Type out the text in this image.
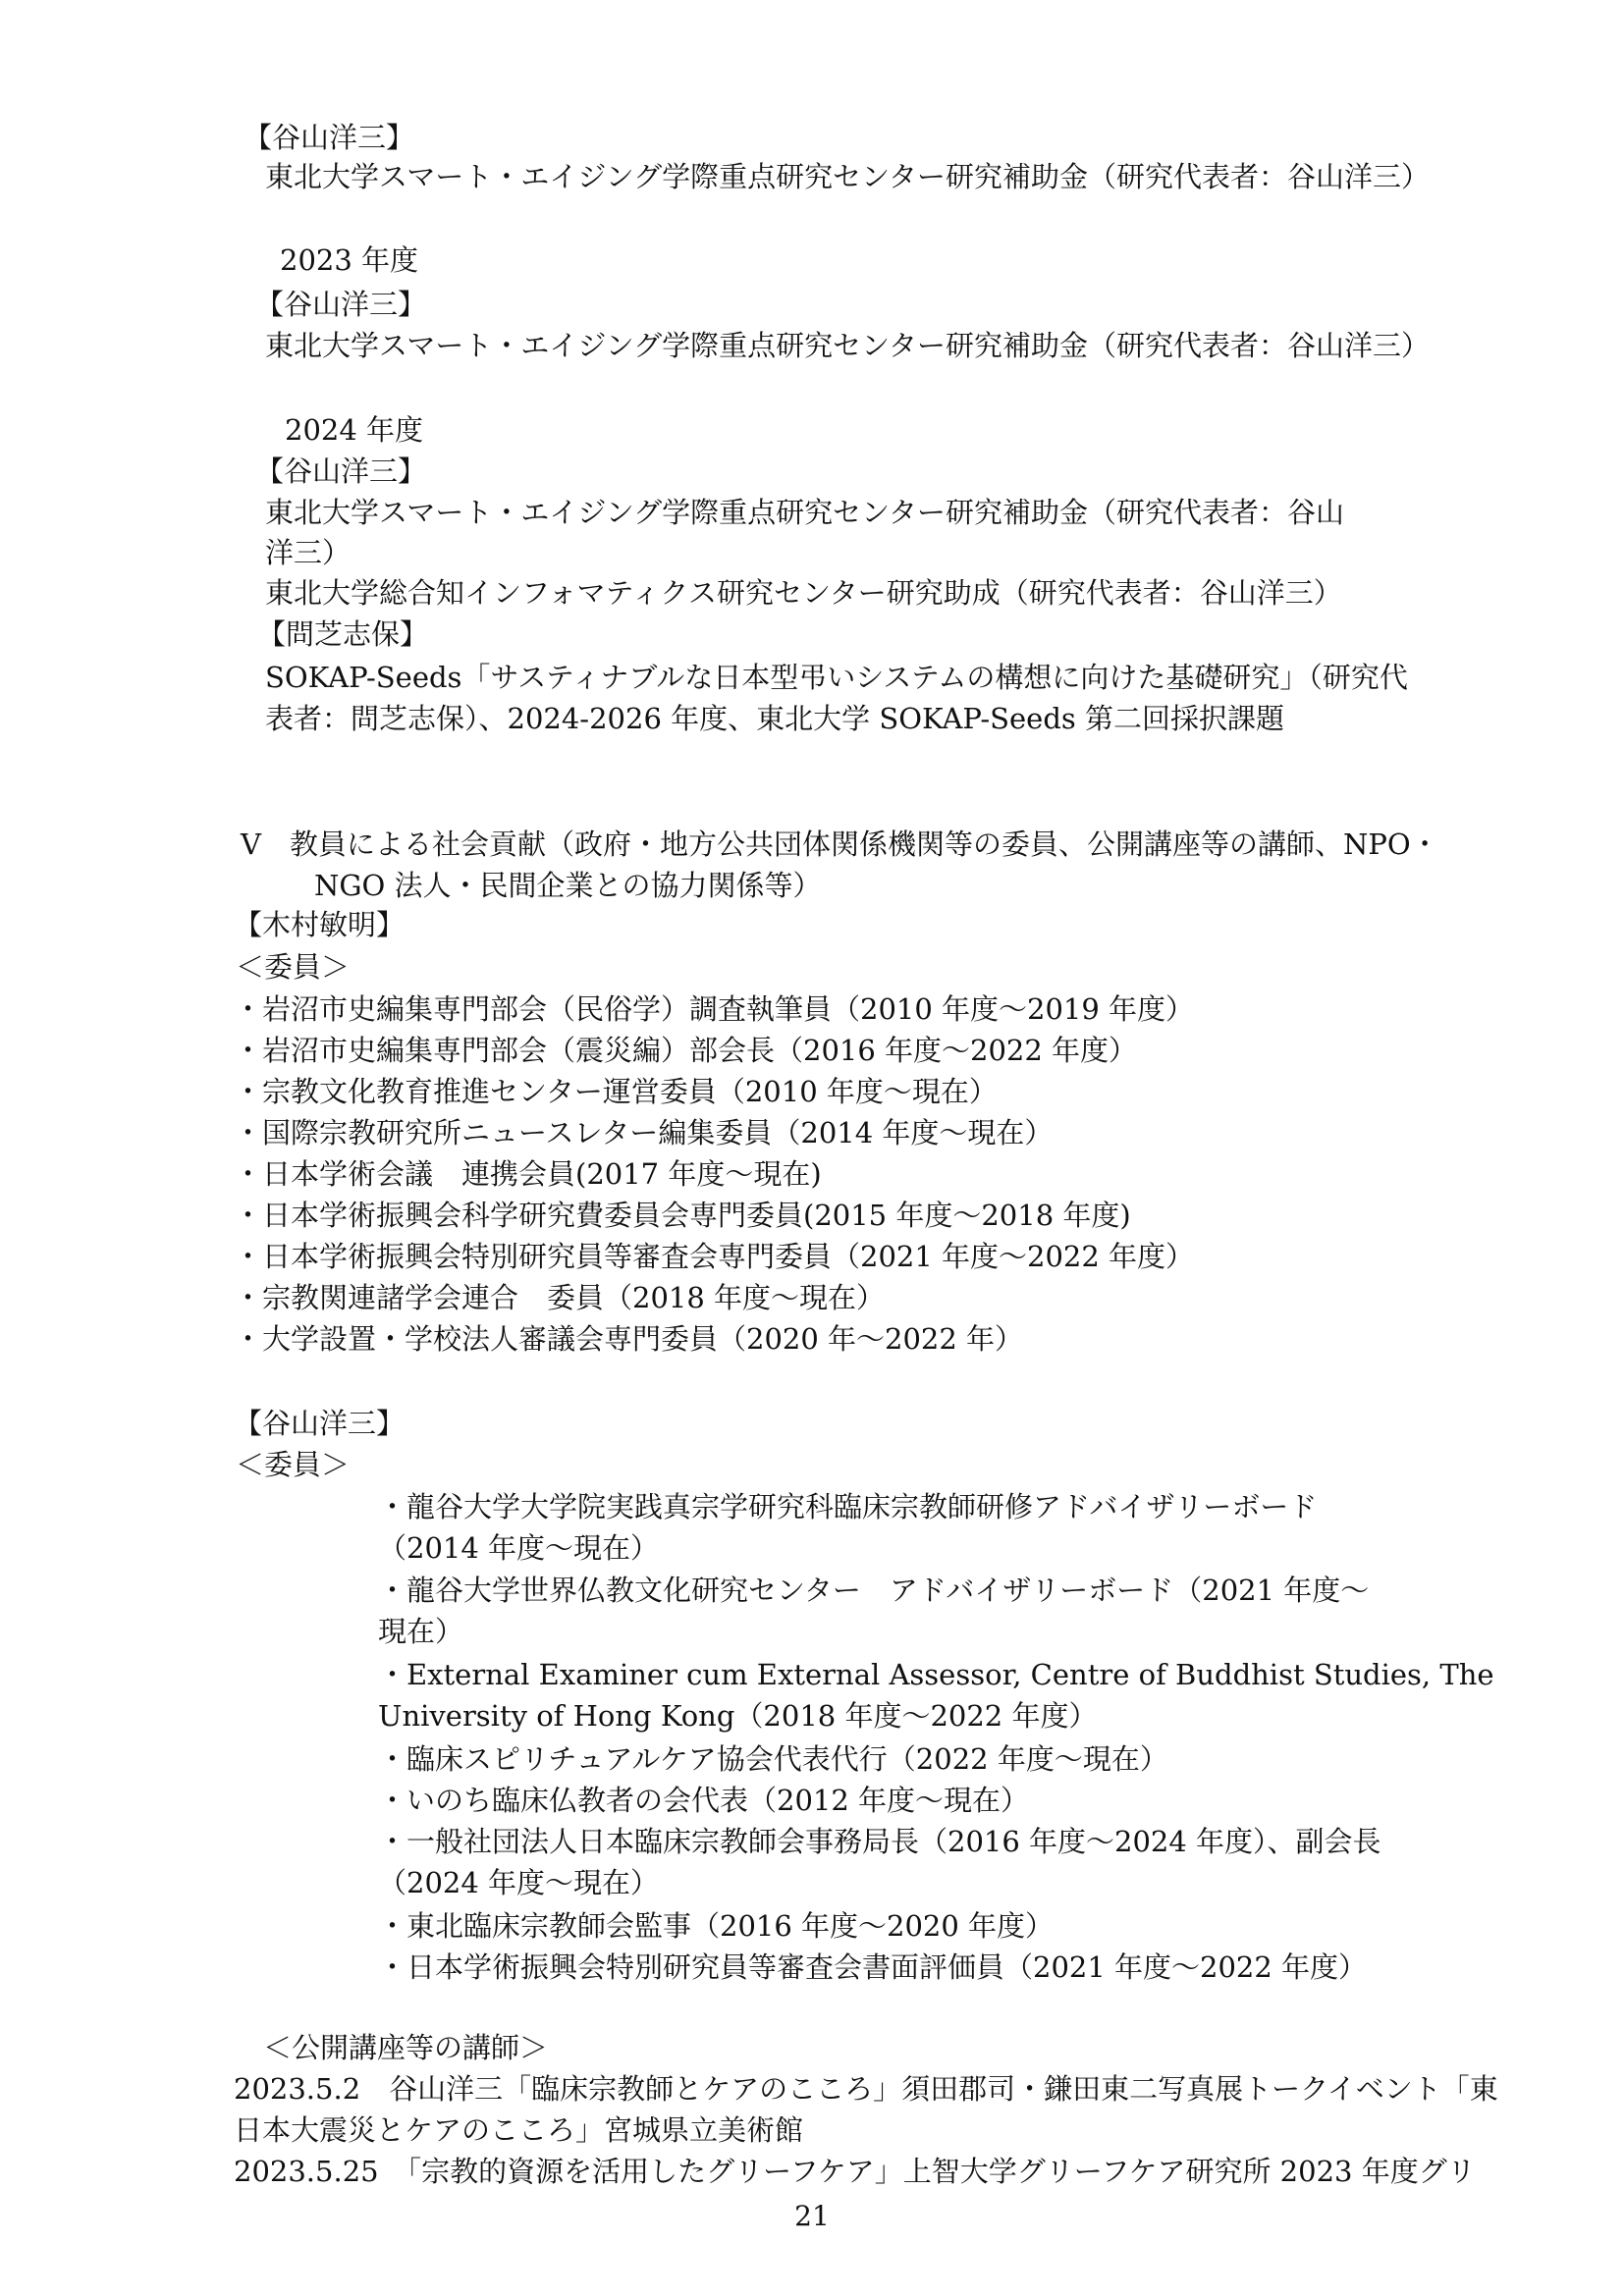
【谷山洋三】
東北大学スマート・エイジング学際重点研究センター研究補助金（研究代表者：谷山洋三）
2023 年度
【谷山洋三】
東北大学スマート・エイジング学際重点研究センター研究補助金（研究代表者：谷山洋三）
2024 年度
【谷山洋三】
東北大学スマート・エイジング学際重点研究センター研究補助金（研究代表者：谷山
洋三）
東北大学総合知インフォマティクス研究センター研究助成（研究代表者：谷山洋三）
【問芝志保】
SOKAP-Seeds「サスティナブルな日本型弔いシステムの構想に向けた基礎研究」（研究代
表者：問芝志保）、2024-2026 年度、東北大学 SOKAP-Seeds 第二回採択課題
V　教員による社会貢献（政府・地方公共団体関係機関等の委員、公開講座等の講師、NPO・
NGO 法人・民間企業との協力関係等）
【木村敏明】
＜委員＞
・岩沼市史編集専門部会（民俗学）調査執筆員（2010 年度～2019 年度）
・岩沼市史編集専門部会（震災編）部会長（2016 年度～2022 年度）
・宗教文化教育推進センター運営委員（2010 年度～現在）
・国際宗教研究所ニュースレター編集委員（2014 年度～現在）
・日本学術会議　連携会員(2017 年度～現在)
・日本学術振興会科学研究費委員会専門委員(2015 年度～2018 年度)
・日本学術振興会特別研究員等審査会専門委員（2021 年度～2022 年度）
・宗教関連諸学会連合　委員（2018 年度～現在）
・大学設置・学校法人審議会専門委員（2020 年～2022 年）
【谷山洋三】
＜委員＞
・龍谷大学大学院実践真宗学研究科臨床宗教師研修アドバイザリーボード
（2014 年度～現在）
・龍谷大学世界仏教文化研究センター　アドバイザリーボード（2021 年度～
現在）
・External Examiner cum External Assessor, Centre of Buddhist Studies, The
University of Hong Kong（2018 年度～2022 年度）
・臨床スピリチュアルケア協会代表代行（2022 年度～現在）
・いのち臨床仏教者の会代表（2012 年度～現在）
・一般社団法人日本臨床宗教師会事務局長（2016 年度～2024 年度）、副会長
（2024 年度～現在）
・東北臨床宗教師会監事（2016 年度～2020 年度）
・日本学術振興会特別研究員等審査会書面評価員（2021 年度～2022 年度）
＜公開講座等の講師＞
2023.5.2　谷山洋三「臨床宗教師とケアのこころ」須田郡司・鎌田東二写真展トークイベント「東
日本大震災とケアのこころ」宮城県立美術館
2023.5.25　「宗教的資源を活用したグリーフケア」上智大学グリーフケア研究所 2023 年度グリ
21
